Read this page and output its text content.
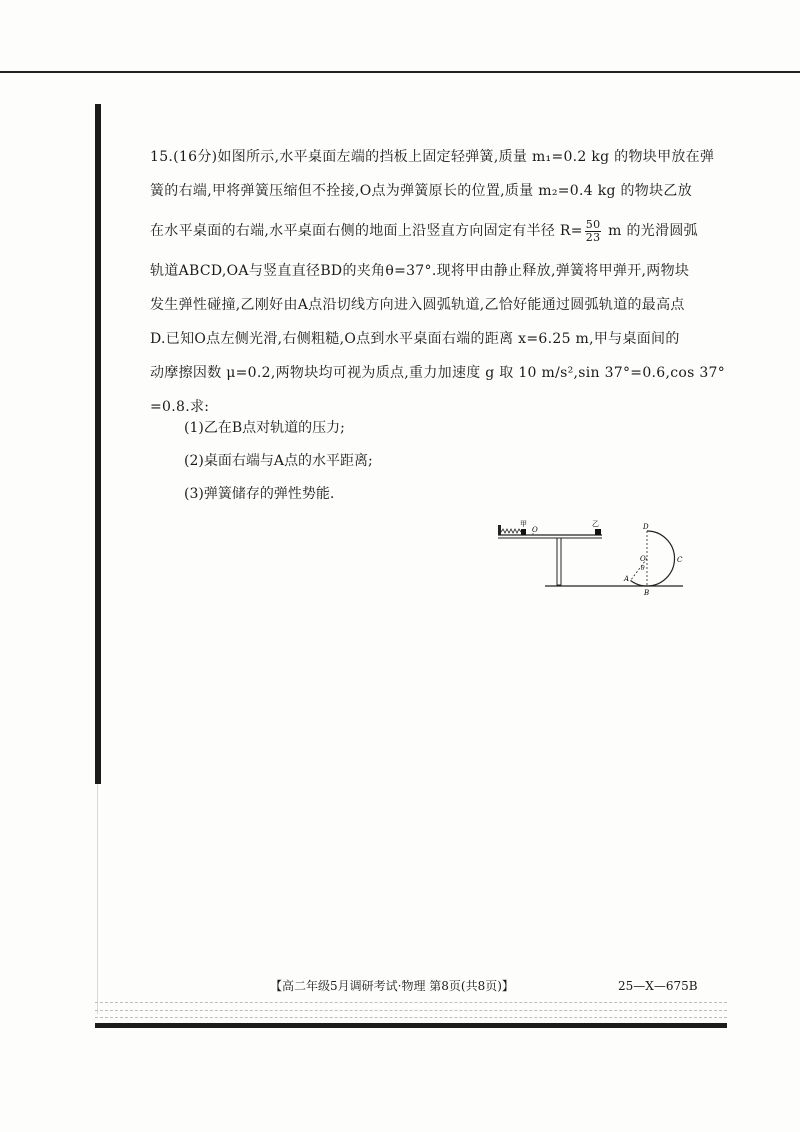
15.(16分)如图所示,水平桌面左端的挡板上固定轻弹簧,质量 m₁=0.2 kg 的物块甲放在弹
簧的右端,甲将弹簧压缩但不拴接,O点为弹簧原长的位置,质量 m₂=0.4 kg 的物块乙放
在水平桌面的右端,水平桌面右侧的地面上沿竖直方向固定有半径 $R= \frac{50}{23}$ m 的光滑圆弧
轨道ABCD,OA与竖直直径BD的夹角θ=37°.现将甲由静止释放,弹簧将甲弹开,两物块
发生弹性碰撞,乙刚好由A点沿切线方向进入圆弧轨道,乙恰好能通过圆弧轨道的最高点
D.已知O点左侧光滑,右侧粗糙,O点到水平桌面右端的距离 x=6.25 m,甲与桌面间的
动摩擦因数 μ=0.2,两物块均可视为质点,重力加速度 g 取 10 m/s²,sin 37°=0.6,cos 37°
=0.8.求:
(1)乙在B点对轨道的压力;
(2)桌面右端与A点的水平距离;
(3)弹簧储存的弹性势能.
O
乙
甲	D
C
O
θ
A
B
【高二年级5月调研考试·物理 第8页(共8页)】	25—X—675B
